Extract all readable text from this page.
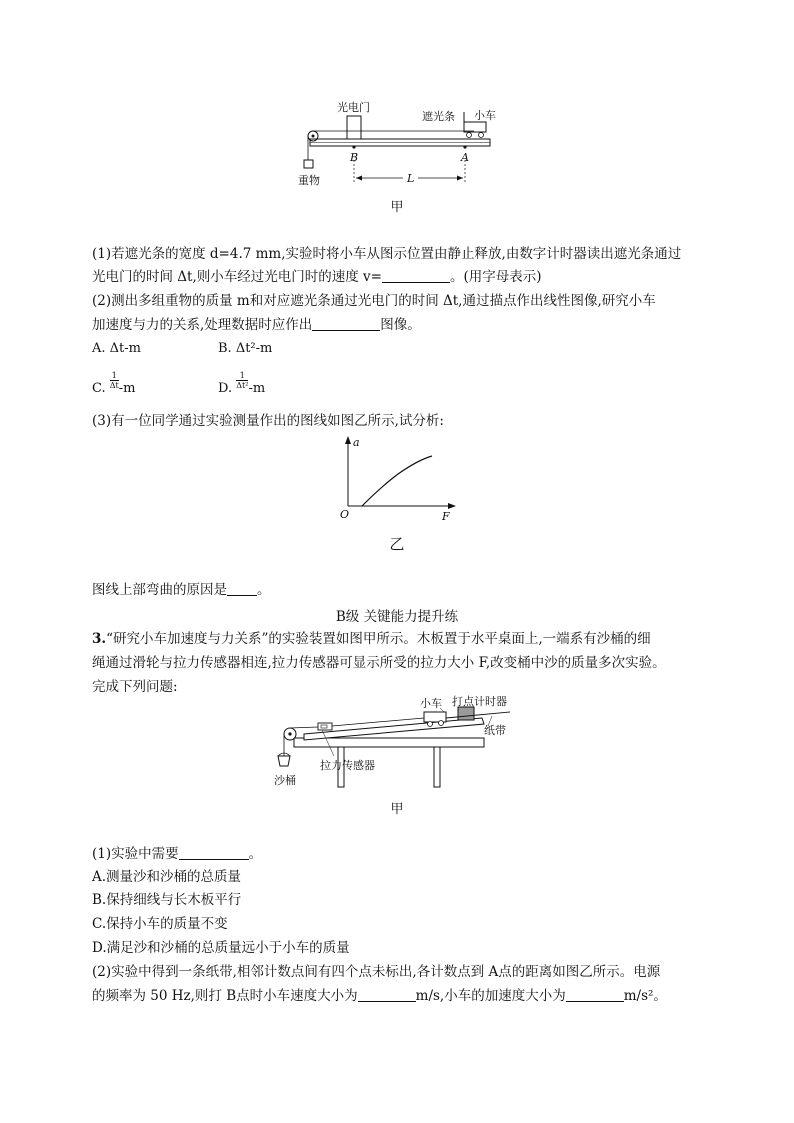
光电门
遮光条 小车
重物
B	A
L
甲
(1)若遮光条的宽度 d=4.7 mm,实验时将小车从图示位置由静止释放,由数字计时器读出遮光条通过
光电门的时间 Δt,则小车经过光电门时的速度 v=	。(用字母表示)
(2)测出多组重物的质量 m和对应遮光条通过光电门的时间 Δt,通过描点作出线性图像,研究小车
加速度与力的关系,处理数据时应作出	图像。
A. Δt-m	B. Δt²-m
C. $\frac{1}{\Delta t} -m$	D. $\frac{1}{\text{Δt²}} -m$
(3)有一位同学通过实验测量作出的图线如图乙所示,试分析:
a
F
O
乙
图线上部弯曲的原因是 。
B级 关键能力提升练
3.“研究小车加速度与力关系”的实验装置如图甲所示。木板置于水平桌面上,一端系有沙桶的细
绳通过滑轮与拉力传感器相连,拉力传感器可显示所受的拉力大小 F,改变桶中沙的质量多次实验。
完成下列问题:
小车 打点计时器
纸带
拉力传感器
沙桶
甲
(1)实验中需要	。
A.测量沙和沙桶的总质量
B.保持细线与长木板平行
C.保持小车的质量不变
D.满足沙和沙桶的总质量远小于小车的质量
(2)实验中得到一条纸带,相邻计数点间有四个点未标出,各计数点到 A点的距离如图乙所示。电源
的频率为 50 Hz,则打 B点时小车速度大小为	m/s,小车的加速度大小为	m/s²。
